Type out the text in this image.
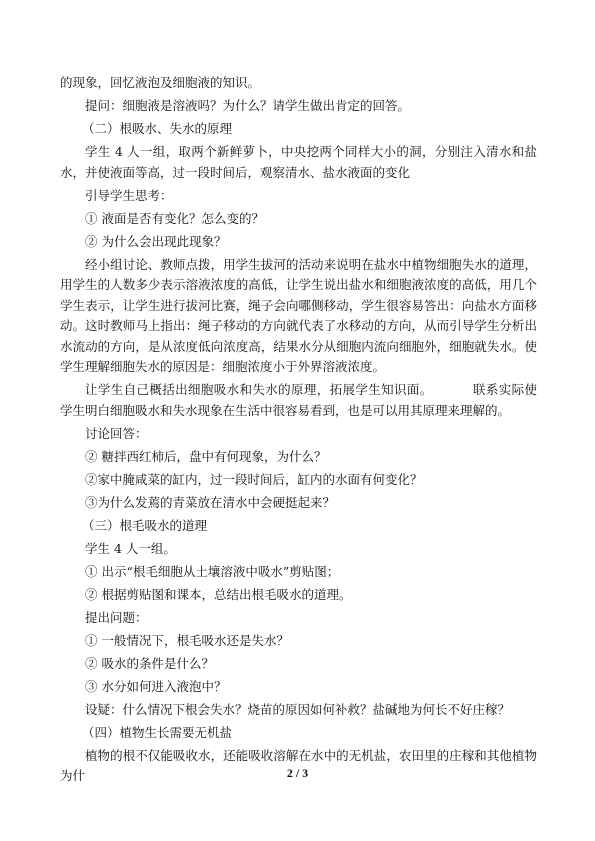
的现象，回忆液泡及细胞液的知识。

提问：细胞液是溶液吗？为什么？请学生做出肯定的回答。

（二）根吸水、失水的原理

学生 4 人一组，取两个新鲜萝卜，中央挖两个同样大小的洞，分别注入清水和盐水，并使液面等高，过一段时间后，观察清水、盐水液面的变化

引导学生思考：

① 液面是否有变化？怎么变的？

② 为什么会出现此现象？

经小组讨论、教师点拨，用学生拔河的活动来说明在盐水中植物细胞失水的道理，用学生的人数多少表示溶液浓度的高低，让学生说出盐水和细胞液浓度的高低，用几个学生表示，让学生进行拔河比赛，绳子会向哪侧移动，学生很容易答出：向盐水方面移动。这时教师马上指出：绳子移动的方向就代表了水移动的方向，从而引导学生分析出水流动的方向，是从浓度低向浓度高，结果水分从细胞内流向细胞外，细胞就失水。使学生理解细胞失水的原因是：细胞浓度小于外界溶液浓度。

让学生自己概括出细胞吸水和失水的原理，拓展学生知识面。	联系实际使学生明白细胞吸水和失水现象在生活中很容易看到，也是可以用其原理来理解的。

讨论回答：

② 糖拌西红柿后，盘中有何现象，为什么？

②家中腌咸菜的缸内，过一段时间后，缸内的水面有何变化？

③为什么发蔫的青菜放在清水中会硬挺起来？

（三）根毛吸水的道理

学生 4 人一组。

① 出示“根毛细胞从土壤溶液中吸水”剪贴图；

② 根据剪贴图和课本，总结出根毛吸水的道理。

提出问题：

① 一般情况下，根毛吸水还是失水？

② 吸水的条件是什么？

③ 水分如何进入液泡中？

设疑：什么情况下根会失水？烧苗的原因如何补救？盐碱地为何长不好庄稼？

（四）植物生长需要无机盐

植物的根不仅能吸收水，还能吸收溶解在水中的无机盐，农田里的庄稼和其他植物为什	2 / 3
